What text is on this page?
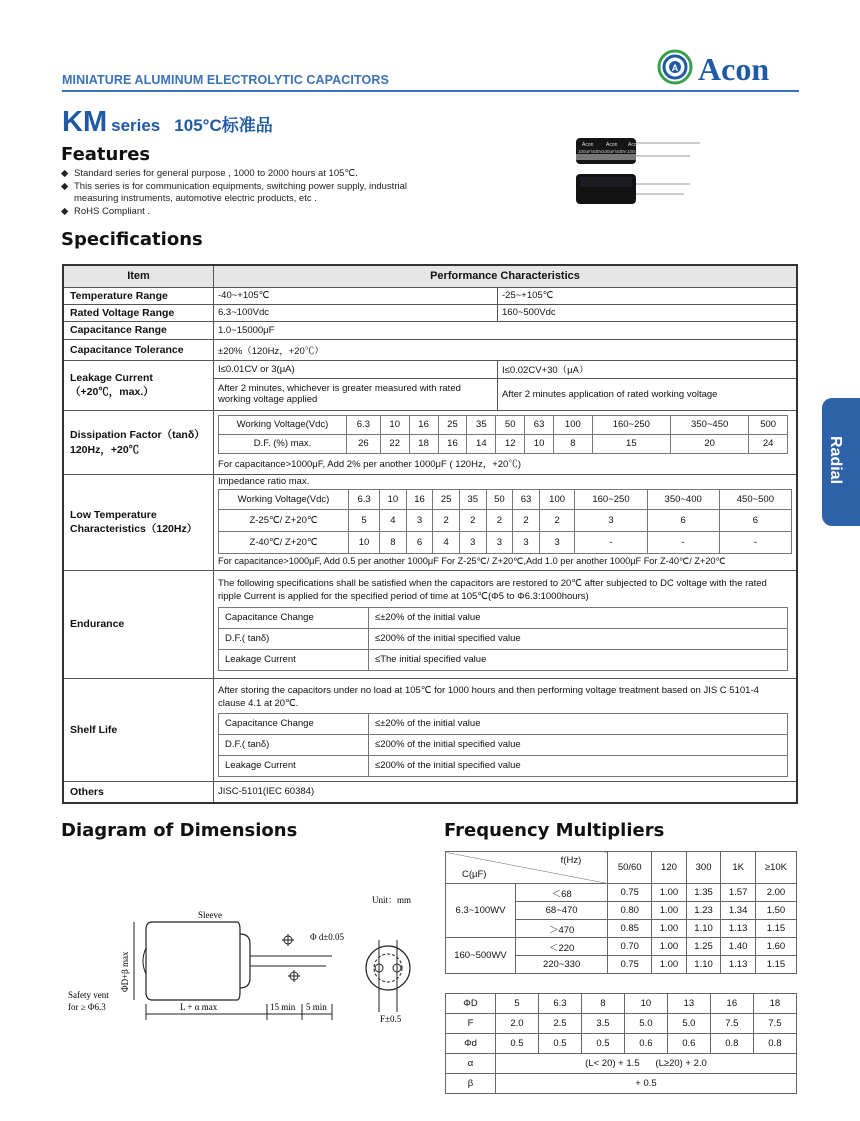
MINIATURE ALUMINUM ELECTROLYTIC CAPACITORS
A Acon
KM series 105°C标准品
Features
◆ Standard series for general purpose , 1000 to 2000 hours at 105℃.
◆ This series is for communication equipments, switching power supply, industrial measuring instruments, automotive electric products, etc .
◆ RoHS Compliant .
Acon	Acon Acon
100uF/400V 100uF/400V 100u
Radial
Specifications
Item	Performance Characteristics
Temperature Range	-40~+105℃	-25~+105℃
Rated Voltage Range	6.3~100Vdc	160~500Vdc
Capacitance Range	1.0~15000μF
Capacitance Tolerance	±20%（120Hz，+20℃）

Leakage Current
（+20℃，max.）
	I≤0.01CV or 3(μA)	I≤0.02CV+30（μA）
After 2 minutes, whichever is greater measured with rated working voltage applied	After 2 minutes application of rated working voltage

Dissipation Factor（tanδ）
120Hz，+20℃

Working Voltage(Vdc)	6.3	10	16	25	35	50	63	100	160~250	350~450	500
D.F. (%) max.	26	22	18	16	14	12	10	8	15	20	24
For capacitance>1000μF, Add 2% per another 1000μF ( 120Hz，+20℃)

Low Temperature
Characteristics（120Hz）

Impedance ratio max.
Working Voltage(Vdc)	6.3	10	16	25	35	50	63	100	160~250	350~400	450~500
Z-25℃/ Z+20℃	5	4	3	2	2	2	2	2	3	6	6
Z-40℃/ Z+20℃	10	8	6	4	3	3	3	3	-	-	-
For capacitance>1000μF, Add 0.5 per another 1000μF For Z-25℃/ Z+20℃,Add 1.0 per another 1000μF For Z-40℃/ Z+20℃

Endurance	
The following specifications shall be satisfied when the capacitors are restored to 20℃ after subjected to DC voltage with the rated ripple Current is applied for the specified period of time at 105℃(Φ5 to Φ6.3:1000hours)
Capacitance Change	≤±20% of the initial value
D.F.( tanδ)	≤200% of the initial specified value
Leakage Current	≤The initial specified value

Shelf Life	
After storing the capacitors under no load at 105℃ for 1000 hours and then performing voltage treatment based on JIS C 5101-4 clause 4.1 at 20℃.
Capacitance Change	≤±20% of the initial value
D.F.( tanδ)	≤200% of the initial specified value
Leakage Current	≤200% of the initial specified value

Others	JISC-5101(IEC 60384)
Diagram of Dimensions
Unit：mm
Sleeve
Φ d±0.05
ΦD+β max
Safety vent
for ≥ Φ6.3	L + α max	15 min 5 min
F±0.5
Frequency Multipliers
f(Hz)
C(μF)		50/60	120	300	1K	≥10K
6.3~100WV	＜68	0.75	1.00	1.35	1.57	2.00
	68~470	0.80	1.00	1.23	1.34	1.50
	＞470	0.85	1.00	1.10	1.13	1.15
160~500WV	＜220	0.70	1.00	1.25	1.40	1.60
	220~330	0.75	1.00	1.10	1.13	1.15
ΦD	5	6.3	8	10	13	16	18
F	2.0	2.5	3.5	5.0	5.0	7.5	7.5
Φd	0.5	0.5	0.5	0.6	0.6	0.8	0.8
α	(L< 20) + 1.5 (L≥20) + 2.0						
β	+ 0.5						
